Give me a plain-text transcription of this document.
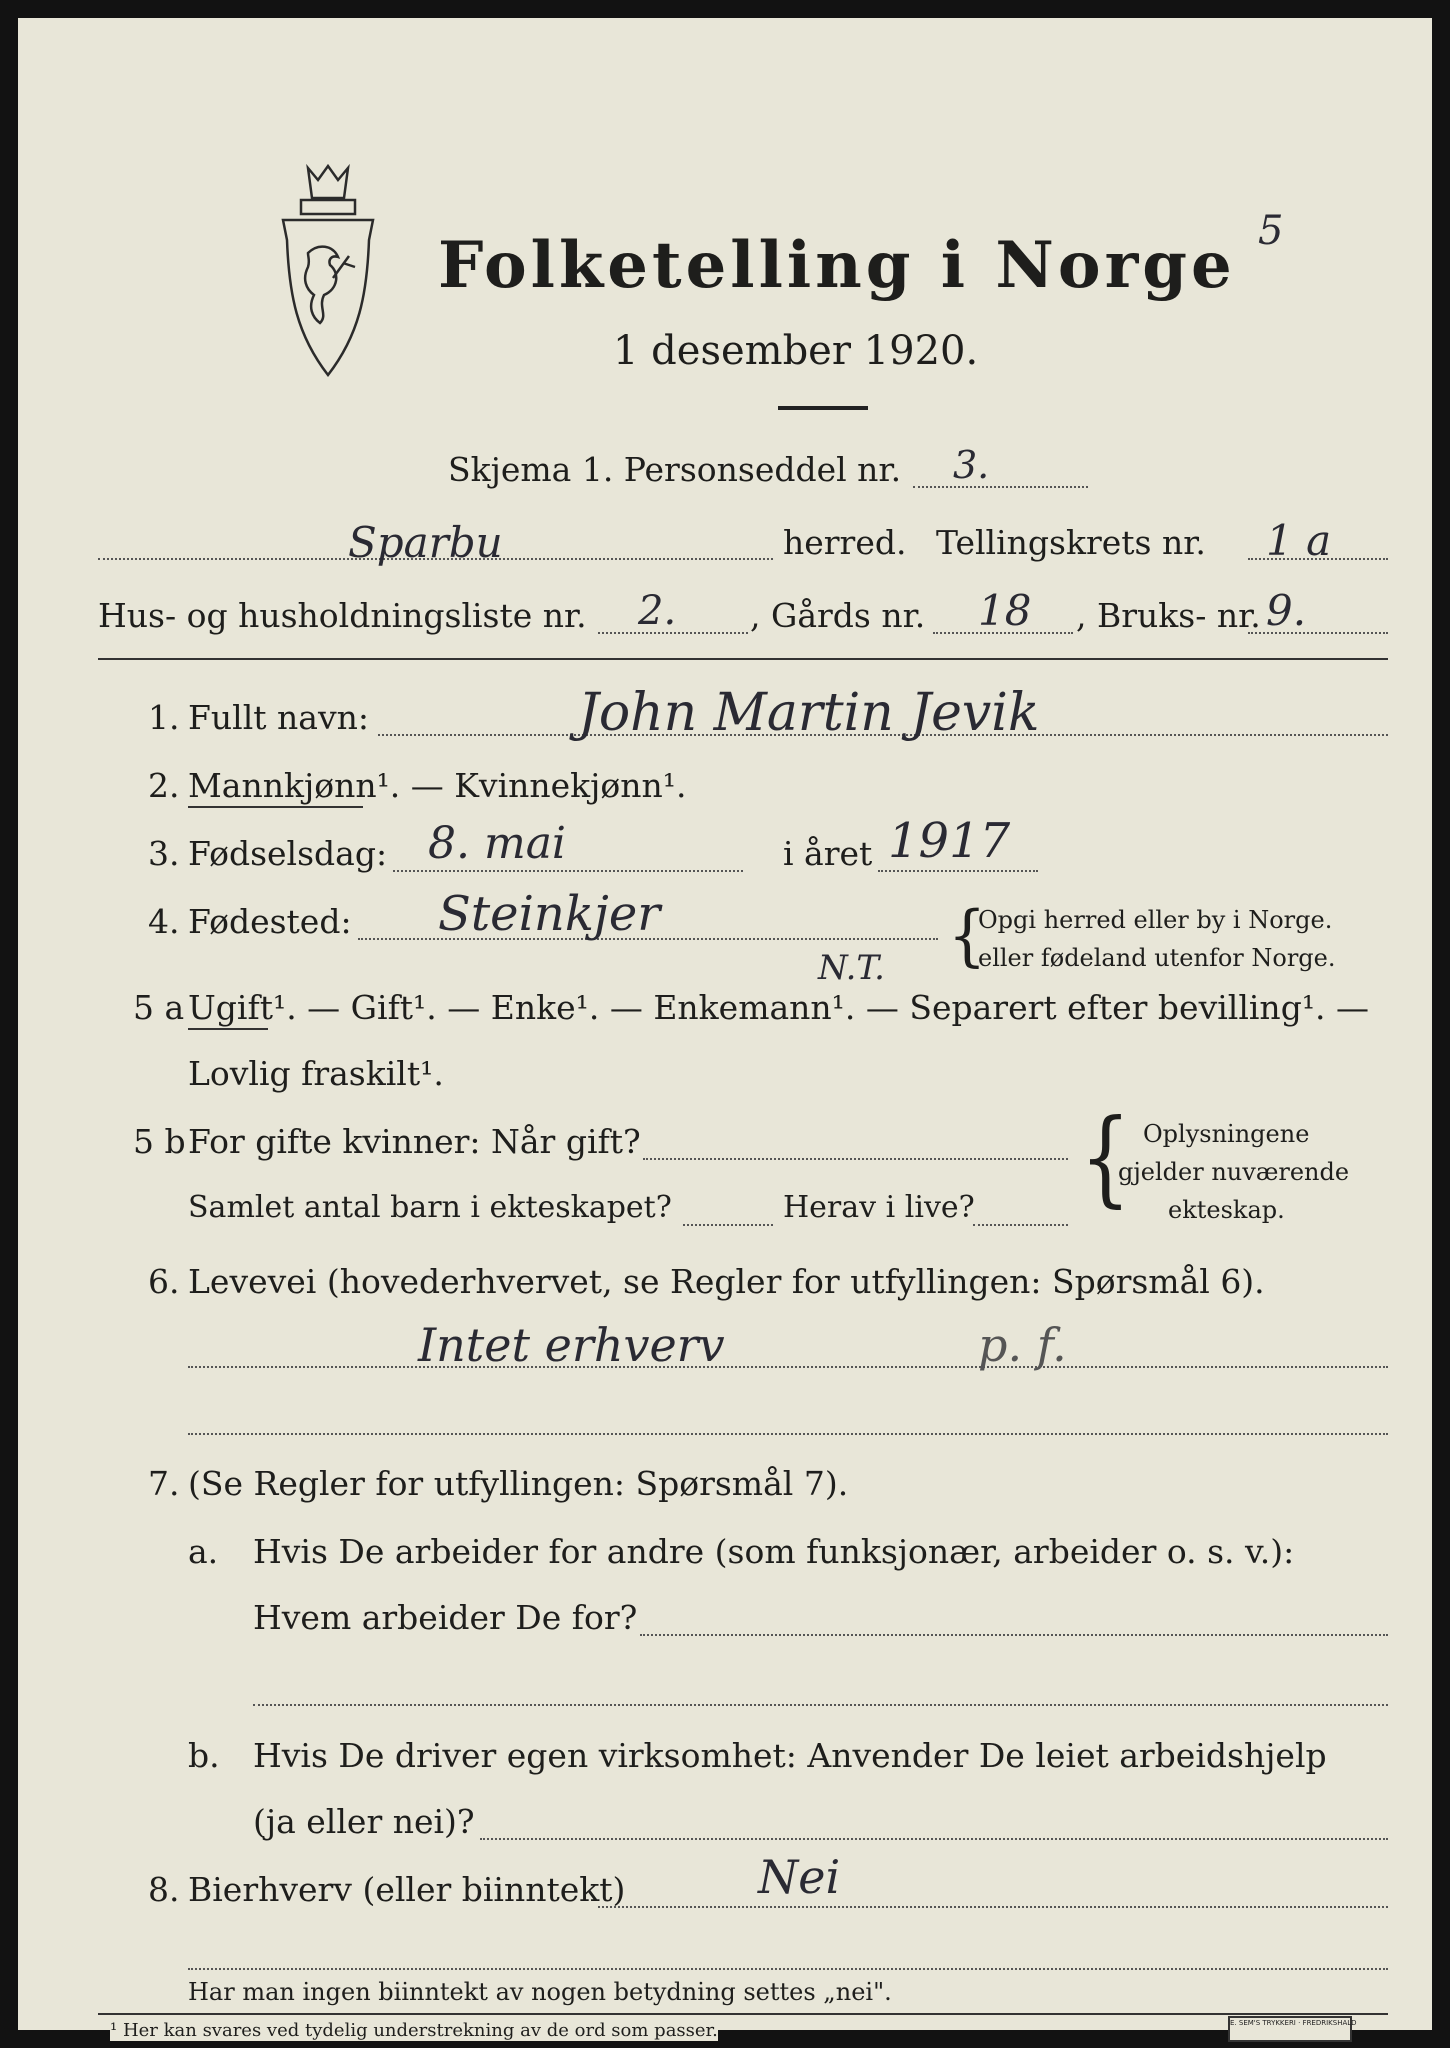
Folketelling i Norge 5
1 desember 1920.
Skjema 1. Personseddel nr. 3.
Sparbu	herred. Tellingskrets nr. 1 a
Hus- og husholdningsliste nr. 2. , Gårds nr. 18 , Bruks- nr. 9.
1. Fullt navn:	John Martin Jevik
2. Mannkjønn¹. — Kvinnekjønn¹.
3. Fødselsdag: 8. mai	i året 1917
4. Fødested: Steinkjer
N.T. {
Opgi herred eller by i Norge.
eller fødeland utenfor Norge.
5 a Ugift¹. — Gift¹. — Enke¹. — Enkemann¹. — Separert efter bevilling¹. —
Lovlig fraskilt¹.
5 b For gifte kvinner: Når gift?
Samlet antal barn i ekteskapet?	Herav i live? { Oplysningene
gjelder nuværende
ekteskap.
6. Levevei (hovederhvervet, se Regler for utfyllingen: Spørsmål 6).
Intet erhverv	p. f.
7. (Se Regler for utfyllingen: Spørsmål 7).
a. Hvis De arbeider for andre (som funksjonær, arbeider o. s. v.):
Hvem arbeider De for?
b. Hvis De driver egen virksomhet: Anvender De leiet arbeidshjelp
(ja eller nei)?
8. Bierhverv (eller biinntekt)	Nei
Har man ingen biinntekt av nogen betydning settes „nei".
¹ Her kan svares ved tydelig understrekning av de ord som passer.	E. SEM'S TRYKKERI · FREDRIKSHALD
